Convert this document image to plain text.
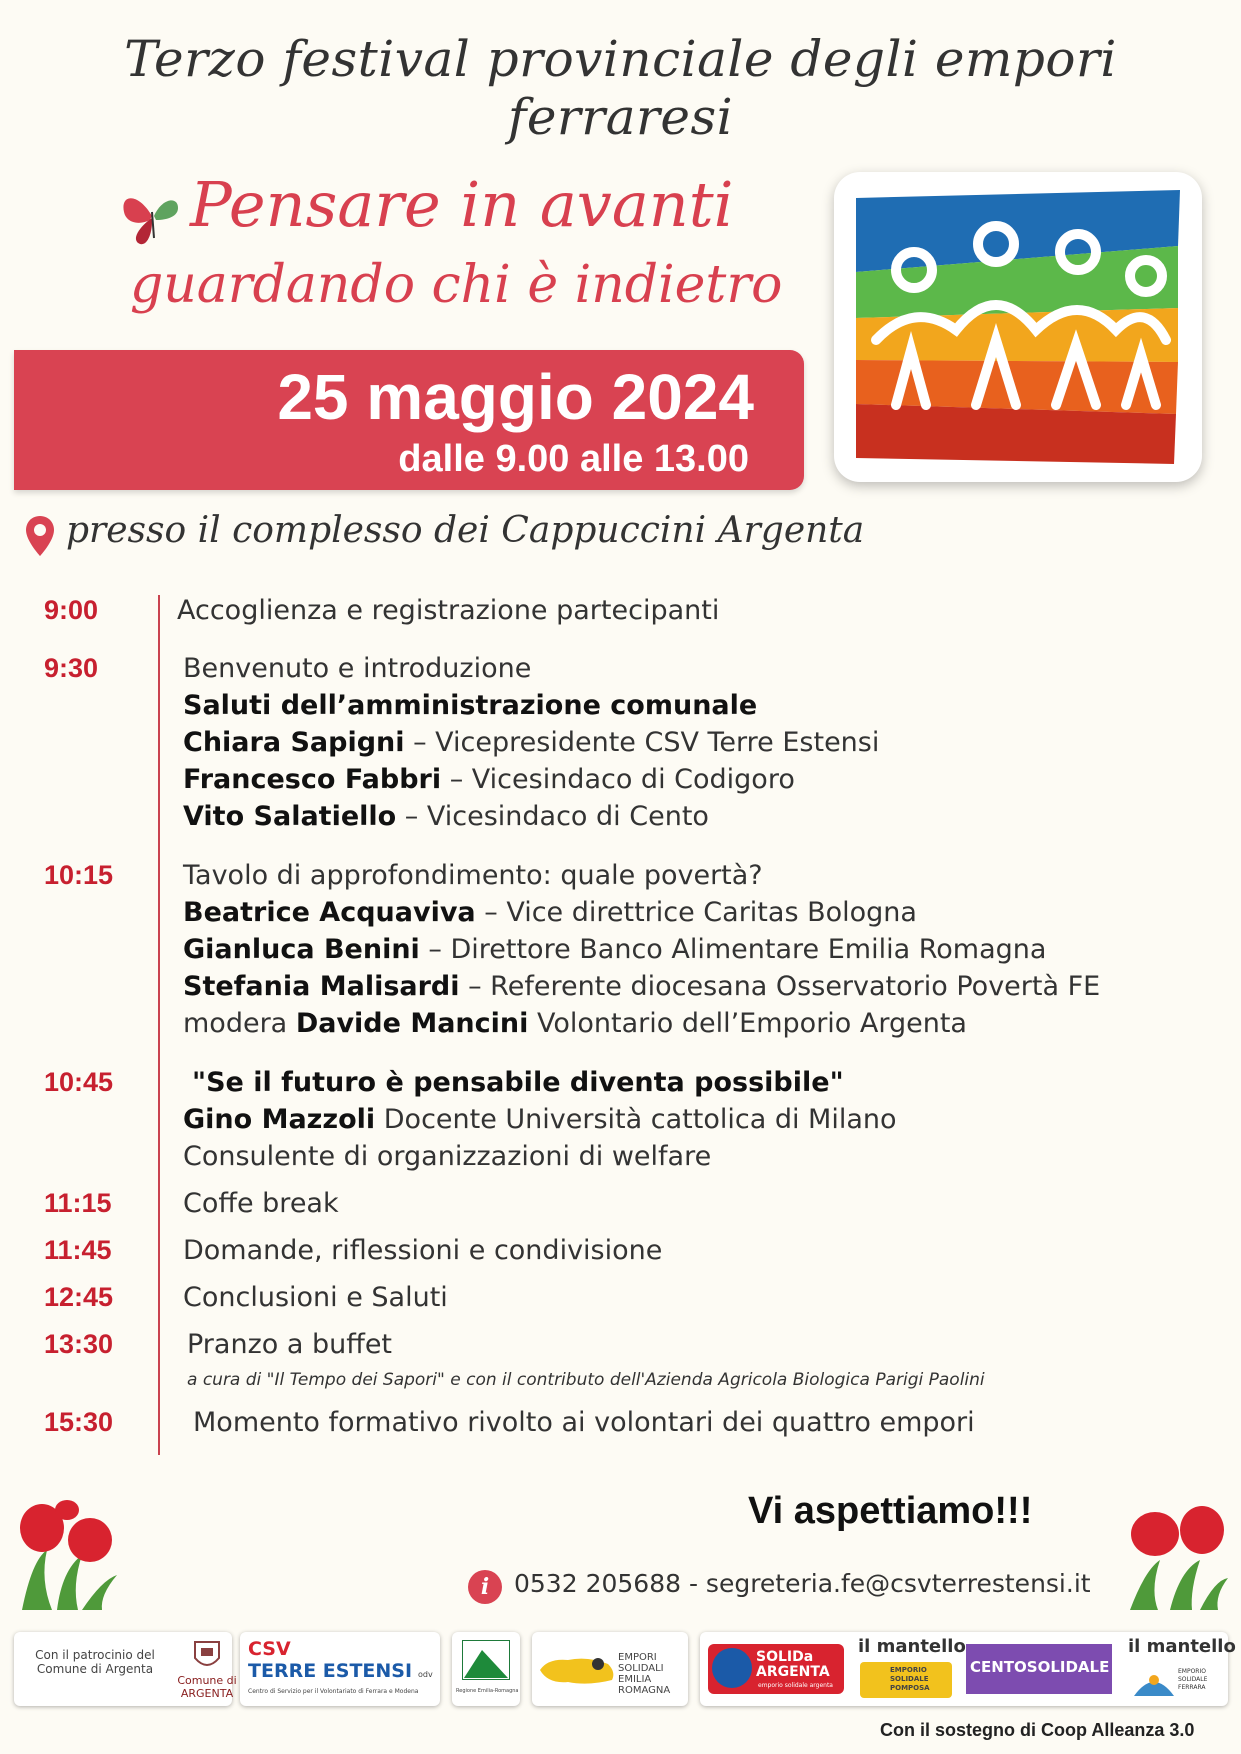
Terzo festival provinciale degli empori ferraresi
Pensare in avanti
guardando chi è indietro
25 maggio 2024
dalle 9.00 alle 13.00
presso il complesso dei Cappuccini Argenta
9:00	Accoglienza e registrazione partecipanti
9:30	Benvenuto e introduzione
Saluti dell’amministrazione comunale
Chiara Sapigni – Vicepresidente CSV Terre Estensi
Francesco Fabbri – Vicesindaco di Codigoro
Vito Salatiello – Vicesindaco di Cento
10:15	Tavolo di approfondimento: quale povertà?
Beatrice Acquaviva – Vice direttrice Caritas Bologna
Gianluca Benini – Direttore Banco Alimentare Emilia Romagna
Stefania Malisardi – Referente diocesana Osservatorio Povertà FE
modera Davide Mancini Volontario dell’Emporio Argenta
10:45	"Se il futuro è pensabile diventa possibile"
Gino Mazzoli Docente Università cattolica di Milano
Consulente di organizzazioni di welfare
11:15	Coffe break
11:45	Domande, riflessioni e condivisione
12:45	Conclusioni e Saluti
13:30	Pranzo a buffet
a cura di "Il Tempo dei Sapori" e con il contributo dell'Azienda Agricola Biologica Parigi Paolini
15:30	Momento formativo rivolto ai volontari dei quattro empori
Vi aspettiamo!!!
i 0532 205688 - segreteria.fe@csvterrestensi.it
Con il patrocinio del Comune di Argenta
Comune di ARGENTA
CSV
TERRE ESTENSI odv
Centro di Servizio per il Volontariato di Ferrara e Modena	Regione Emilia-Romagna
EMPORI SOLIDALI EMILIA ROMAGNA
SOLIDa ARGENTA
emporio solidale argenta
il mantello
EMPORIO SOLIDALE POMPOSA
CENTOSOLIDALE
il mantello
EMPORIO SOLIDALE FERRARA
Con il sostegno di Coop Alleanza 3.0
